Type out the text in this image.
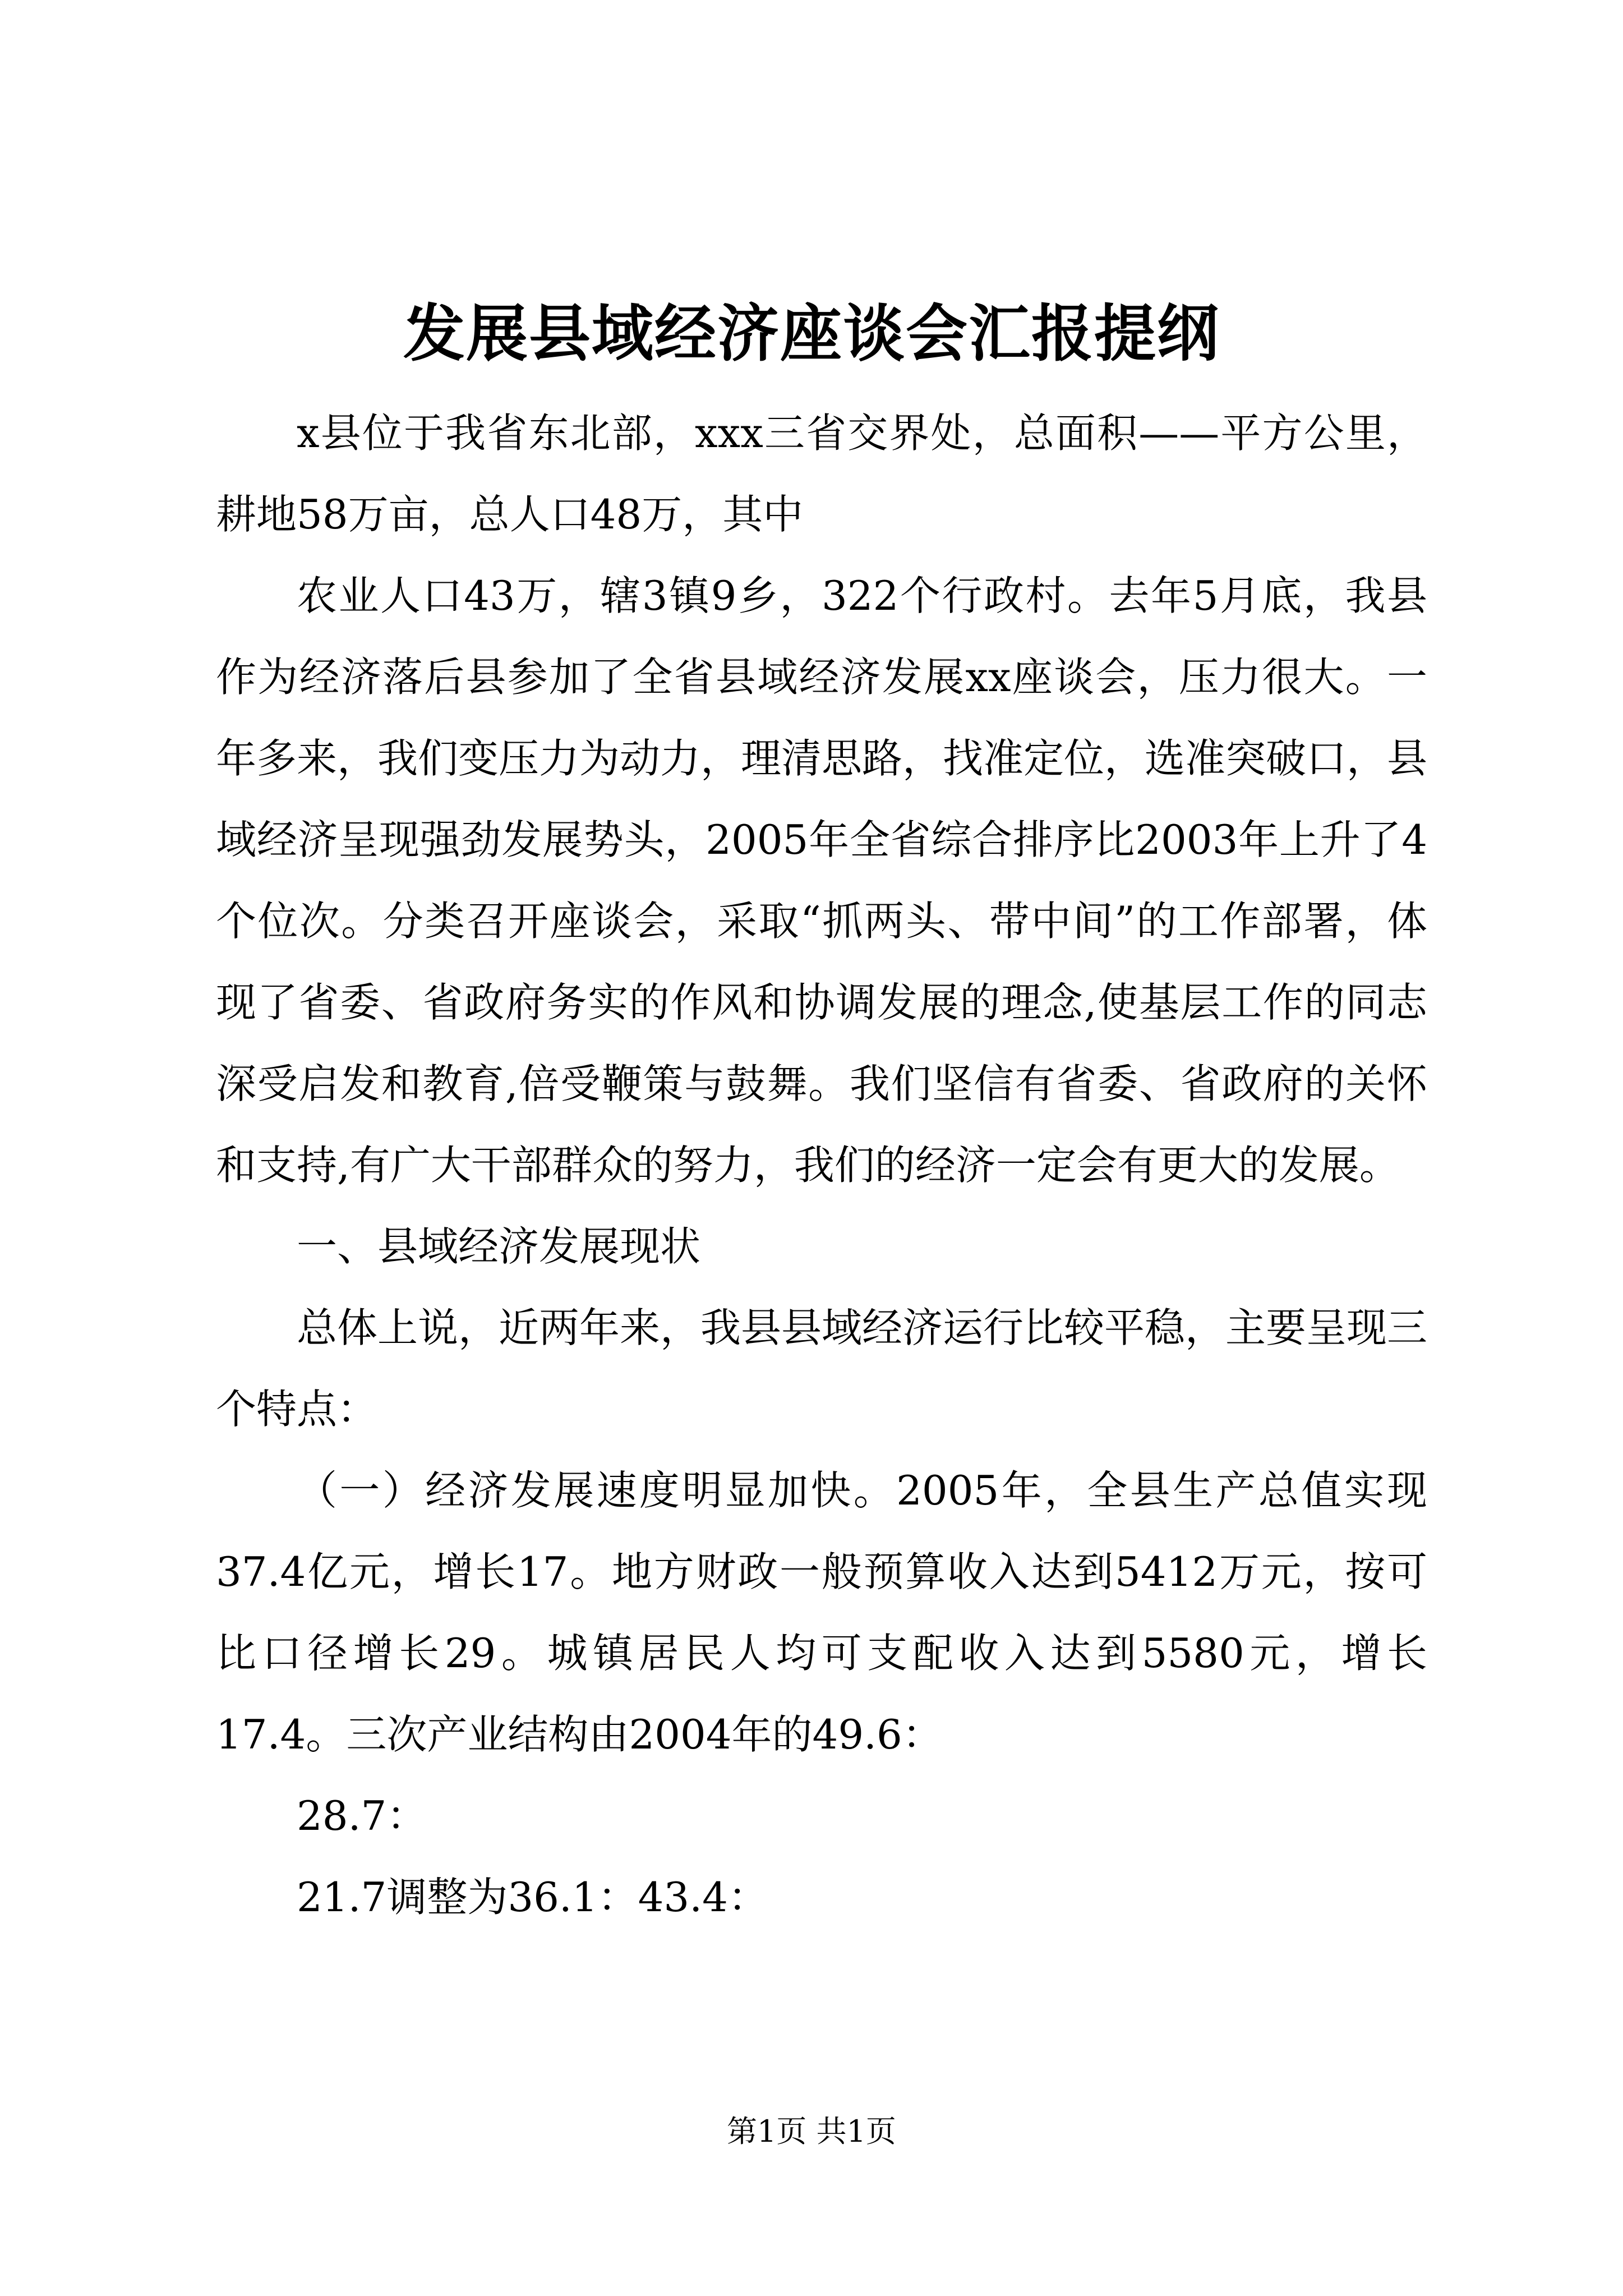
发展县域经济座谈会汇报提纲

x县位于我省东北部，xxx三省交界处，总面积——平方公里，耕地58万亩，总人口48万，其中

农业人口43万，辖3镇9乡，322个行政村。去年5月底，我县作为经济落后县参加了全省县域经济发展xx座谈会，压力很大。一年多来，我们变压力为动力，理清思路，找准定位，选准突破口，县域经济呈现强劲发展势头，2005年全省综合排序比2003年上升了4个位次。分类召开座谈会，采取“抓两头、带中间”的工作部署，体现了省委、省政府务实的作风和协调发展的理念,使基层工作的同志深受启发和教育,倍受鞭策与鼓舞。我们坚信有省委、省政府的关怀和支持,有广大干部群众的努力，我们的经济一定会有更大的发展。

一、县域经济发展现状

总体上说，近两年来，我县县域经济运行比较平稳，主要呈现三个特点：

（一）经济发展速度明显加快。2005年，全县生产总值实现37.4亿元，增长17。地方财政一般预算收入达到5412万元，按可比口径增长29。城镇居民人均可支配收入达到5580元，增长17.4。三次产业结构由2004年的49.6：

28.7：

21.7调整为36.1：43.4：

第1页 共1页
